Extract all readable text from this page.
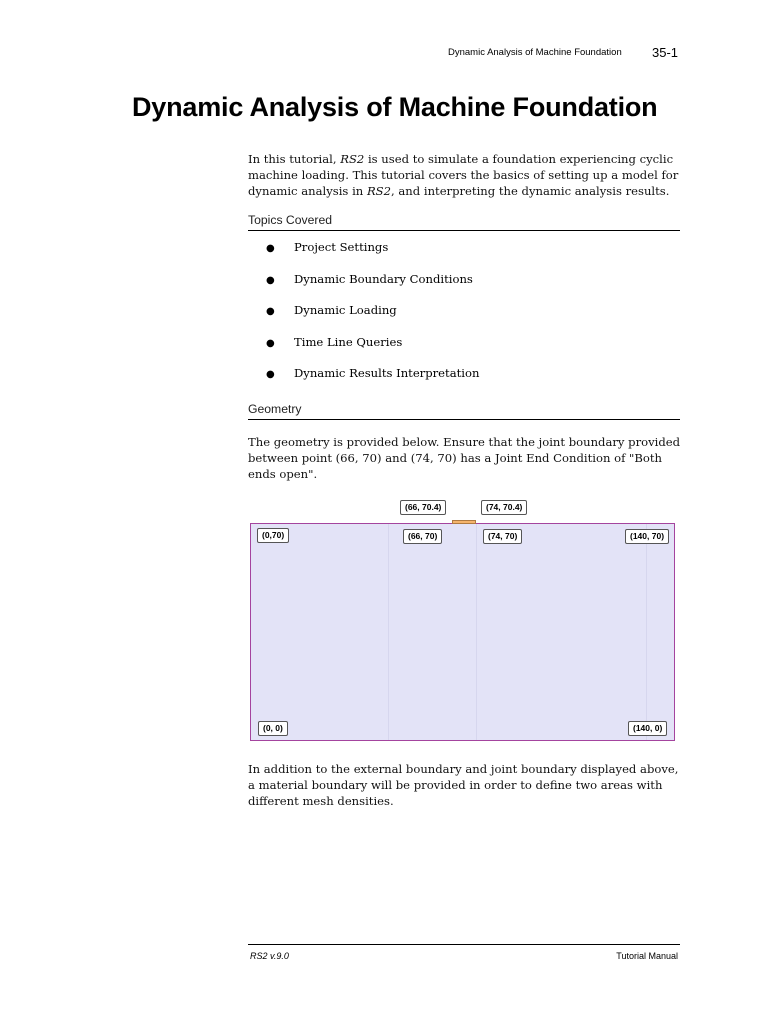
Dynamic Analysis of Machine Foundation 35-1
Dynamic Analysis of Machine Foundation
In this tutorial, RS2 is used to simulate a foundation experiencing cyclic machine loading. This tutorial covers the basics of setting up a model for dynamic analysis in RS2, and interpreting the dynamic analysis results.
Topics Covered
● Project Settings
● Dynamic Boundary Conditions
● Dynamic Loading
● Time Line Queries
● Dynamic Results Interpretation
Geometry
The geometry is provided below. Ensure that the joint boundary provided between point (66, 70) and (74, 70) has a Joint End Condition of "Both ends open".
(66, 70.4)	(74, 70.4)
(0,70)	(66, 70)	(74, 70)	(140, 70)
(0, 0)	(140, 0)
In addition to the external boundary and joint boundary displayed above, a material boundary will be provided in order to define two areas with different mesh densities.
RS2 v.9.0	Tutorial Manual
